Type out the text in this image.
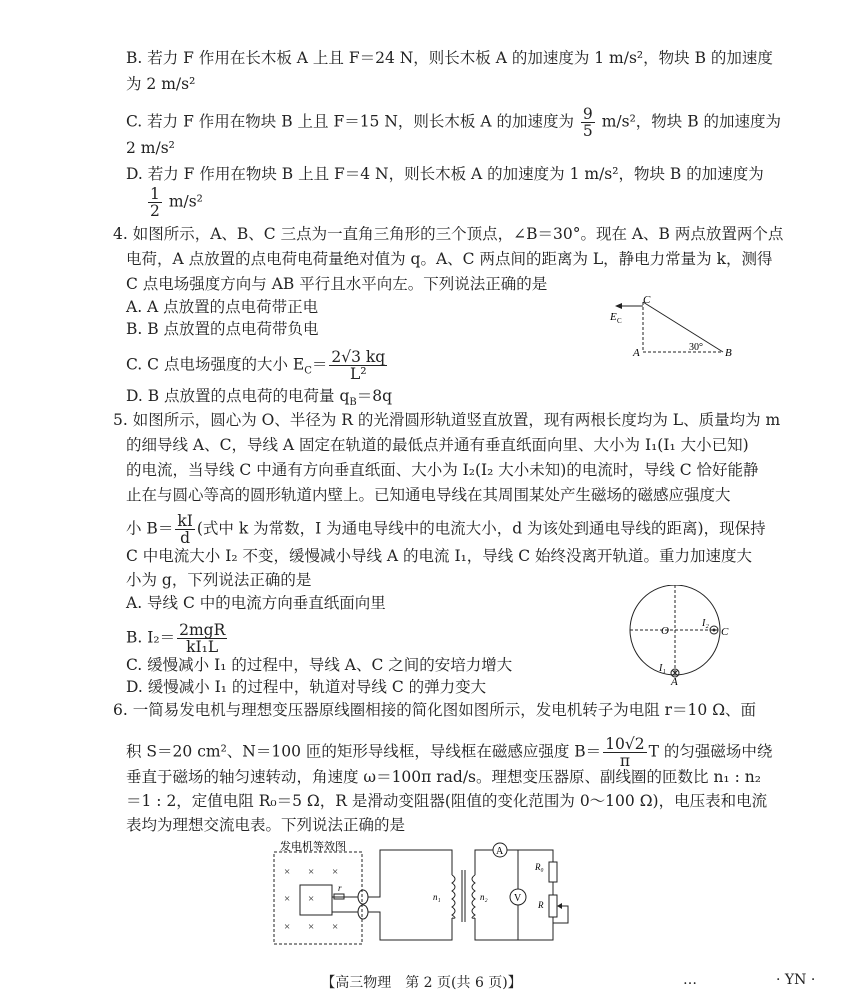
B. 若力 F 作用在长木板 A 上且 F＝24 N，则长木板 A 的加速度为 1 m/s²，物块 B 的加速度
为 2 m/s²
C. 若力 F 作用在物块 B 上且 F＝15 N，则长木板 A 的加速度为 $\frac{9}{5} m/s^2$，物块 B 的加速度为
2 m/s²
D. 若力 F 作用在物块 B 上且 F＝4 N，则长木板 A 的加速度为 1 m/s²，物块 B 的加速度为
$\frac{1}{2} m/s^2$
4. 如图所示，A、B、C 三点为一直角三角形的三个顶点，∠B＝30°。现在 A、B 两点放置两个点
电荷，A 点放置的点电荷电荷量绝对值为 q。A、C 两点间的距离为 L，静电力常量为 k，测得
C 点电场强度方向与 AB 平行且水平向左。下列说法正确的是
A. A 点放置的点电荷带正电
B. B 点放置的点电荷带负电
C. C 点电场强度的大小 $E_C= \frac{2√3 kq}{\text{L²}}$
D. B 点放置的点电荷的电荷量 $q_B=8q$
C
A	B
E C
30°
5. 如图所示，圆心为 O、半径为 R 的光滑圆形轨道竖直放置，现有两根长度均为 L、质量均为 m
的细导线 A、C，导线 A 固定在轨道的最低点并通有垂直纸面向里、大小为 I₁(I₁ 大小已知)
的电流，当导线 C 中通有方向垂直纸面、大小为 I₂(I₂ 大小未知)的电流时，导线 C 恰好能静
止在与圆心等高的圆形轨道内壁上。已知通电导线在其周围某处产生磁场的磁感应强度大
小 $B= \frac{kI}{d}$ (式中 k 为常数，I 为通电导线中的电流大小，d 为该处到通电导线的距离)，现保持
C 中电流大小 I₂ 不变，缓慢减小导线 A 的电流 I₁，导线 C 始终没离开轨道。重力加速度大
小为 g，下列说法正确的是
A. 导线 C 中的电流方向垂直纸面向里
B. $I_2= \frac{\text{2mgR}}{\text{kI₁L}}$
C. 缓慢减小 I₁ 的过程中，导线 A、C 之间的安培力增大
D. 缓慢减小 I₁ 的过程中，轨道对导线 C 的弹力变大
O
I₂
C
I₁
A
6. 一简易发电机与理想变压器原线圈相接的简化图如图所示，发电机转子为电阻 r＝10 Ω、面
积 S＝20 cm²、N＝100 匝的矩形导线框，导线框在磁感应强度 $B= \frac{10√2}{\pi}$ T 的匀强磁场中绕
垂直于磁场的轴匀速转动，角速度 ω＝100π rad/s。理想变压器原、副线圈的匝数比 n₁ : n₂
＝1 : 2，定值电阻 R₀＝5 Ω，R 是滑动变阻器(阻值的变化范围为 0～100 Ω)，电压表和电流
表均为理想交流电表。下列说法正确的是
发电机等效图
× × ×
× ×
× × ×
r
n₁	n₂
A
V
R₀
R
【高三物理　第 2 页(共 6 页)】	…	· YN ·
